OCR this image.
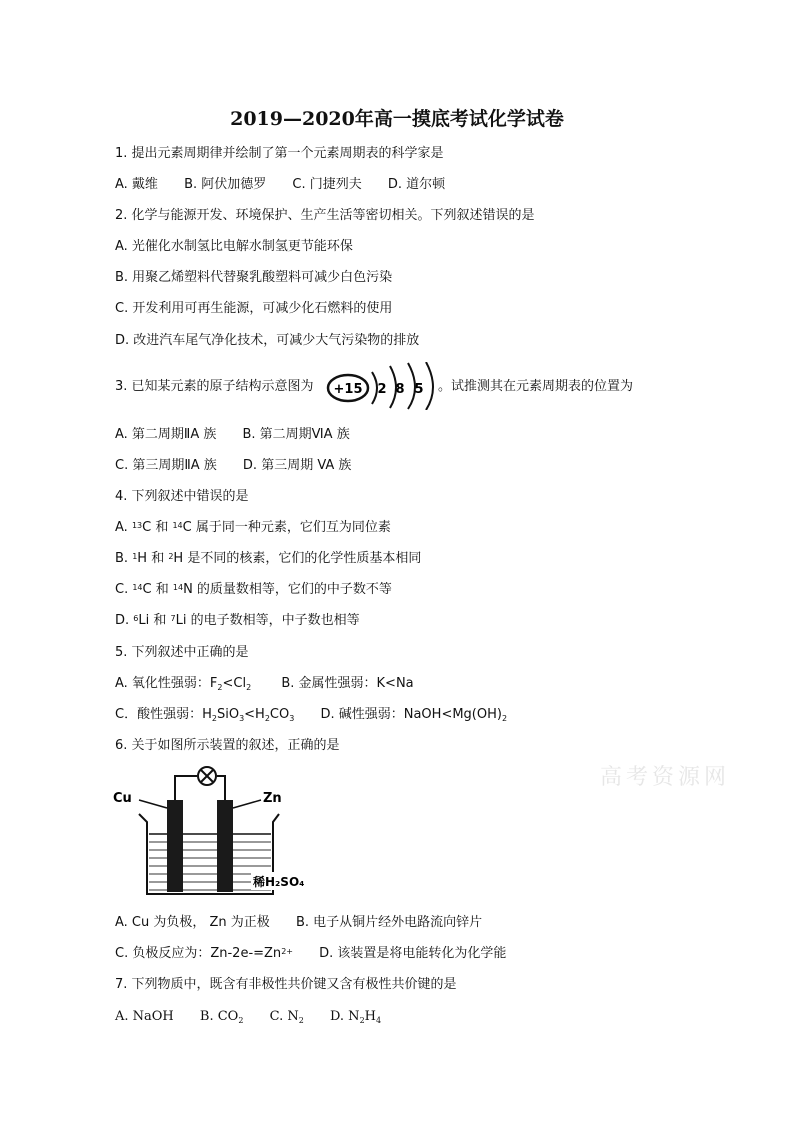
2019—2020年高一摸底考试化学试卷
1. 提出元素周期律并绘制了第一个元素周期表的科学家是
A. 戴维 B. 阿伏加德罗 C. 门捷列夫 D. 道尔顿
2. 化学与能源开发、环境保护、生产生活等密切相关。下列叙述错误的是
A. 光催化水制氢比电解水制氢更节能环保
B. 用聚乙烯塑料代替聚乳酸塑料可减少白色污染
C. 开发利用可再生能源，可减少化石燃料的使用
D. 改进汽车尾气净化技术，可减少大气污染物的排放
3. 已知某元素的原子结构示意图为 +15 2 8 5 。试推测其在元素周期表的位置为
A. 第二周期ⅡA 族 B. 第二周期ⅥA 族
C. 第三周期ⅡA 族 D. 第三周期 VA 族
4. 下列叙述中错误的是
A. $^{13}$C 和 $^{14}$C 属于同一种元素，它们互为同位素
B. $^1$H 和 $^2$H 是不同的核素，它们的化学性质基本相同
C. $^{14}$C 和 $^{14}$N 的质量数相等，它们的中子数不等
D. $^6$Li 和 $^7$Li 的电子数相等，中子数也相等
5. 下列叙述中正确的是
A. 氧化性强弱：$F_2<Cl_2$ B. 金属性强弱：K<Na
C．酸性强弱：$H_2SiO_3<H_2CO_3$ D. 碱性强弱：$NaOH<Mg(OH)_2$
6. 关于如图所示装置的叙述，正确的是
高考资源网
Cu	Zn
稀H₂SO₄
A. Cu 为负极， Zn 为正极 B. 电子从铜片经外电路流向锌片
C. 负极反应为：$Zn-2e-=Zn^{2+}$ D. 该装置是将电能转化为化学能
7. 下列物质中，既含有非极性共价键又含有极性共价键的是
A. NaOH B. $CO_2$ C. $N_2$ D. $N_2H_4$
